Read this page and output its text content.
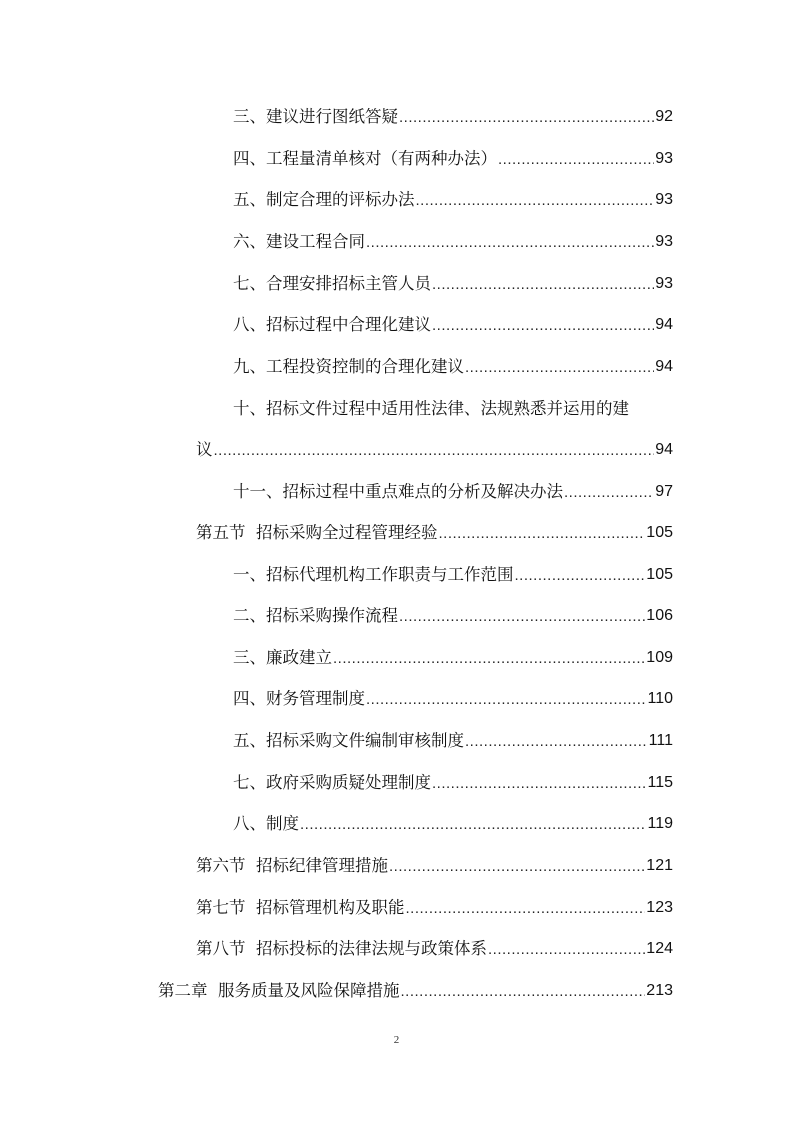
三、建议进行图纸答疑 .....	92
四、工程量清单核对（有两种办法） .....	93
五、制定合理的评标办法 .....	93
六、建设工程合同 .....	93
七、合理安排招标主管人员 .....	93
八、招标过程中合理化建议 .....	94
九、工程投资控制的合理化建议 .....	94
十、招标文件过程中适用性法律、法规熟悉并运用的建
议 .....	94
十一、招标过程中重点难点的分析及解决办法 .....	97
第五节  招标采购全过程管理经验 .....	105
一、招标代理机构工作职责与工作范围 .....	105
二、招标采购操作流程 .....	106
三、廉政建立 .....	109
四、财务管理制度 .....	110
五、招标采购文件编制审核制度 .....	111
七、政府采购质疑处理制度 .....	115
八、制度 .....	119
第六节  招标纪律管理措施 .....	121
第七节  招标管理机构及职能 .....	123
第八节  招标投标的法律法规与政策体系 .....	124
第二章  服务质量及风险保障措施 .....	213
2
